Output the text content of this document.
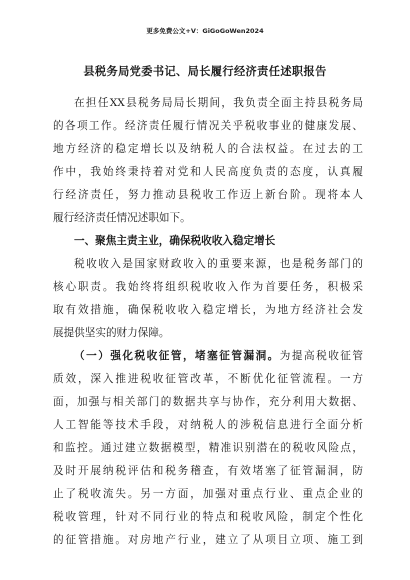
更多免费公文+V：GiGoGoWen2024
县税务局党委书记、局长履行经济责任述职报告
在担任XX县税务局局长期间，我负责全面主持县税务局
的各项工作。经济责任履行情况关乎税收事业的健康发展、
地方经济的稳定增长以及纳税人的合法权益。在过去的工
作中，我始终秉持着对党和人民高度负责的态度，认真履
行经济责任，努力推动县税收工作迈上新台阶。现将本人
履行经济责任情况述职如下。
一、聚焦主责主业，确保税收收入稳定增长
税收收入是国家财政收入的重要来源，也是税务部门的
核心职责。我始终将组织税收收入作为首要任务，积极采
取有效措施，确保税收收入稳定增长，为地方经济社会发
展提供坚实的财力保障。
（一）强化税收征管，堵塞征管漏洞。为提高税收征管
质效，深入推进税收征管改革，不断优化征管流程。一方
面，加强与相关部门的数据共享与协作，充分利用大数据、
人工智能等技术手段，对纳税人的涉税信息进行全面分析
和监控。通过建立数据模型，精准识别潜在的税收风险点，
及时开展纳税评估和税务稽查，有效堵塞了征管漏洞，防
止了税收流失。另一方面，加强对重点行业、重点企业的
税收管理，针对不同行业的特点和税收风险，制定个性化
的征管措施。对房地产行业，建立了从项目立项、施工到
